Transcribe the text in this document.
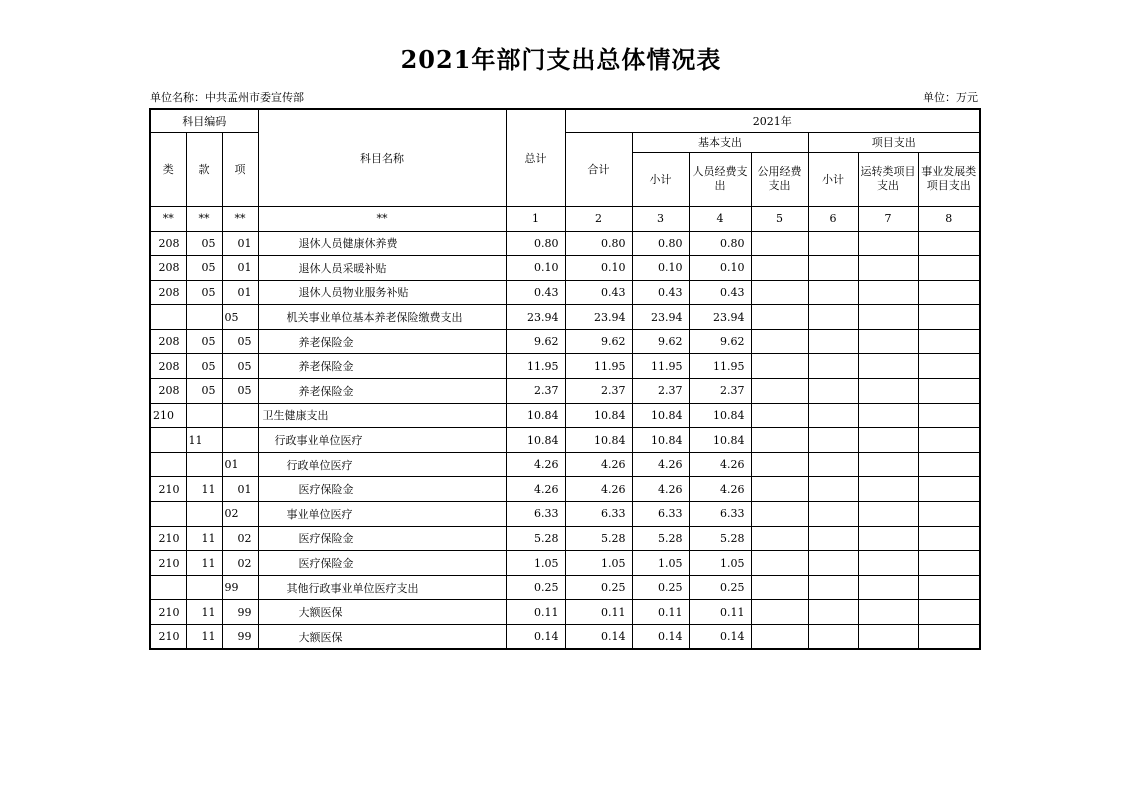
2021年部门支出总体情况表
单位名称：中共孟州市委宣传部	单位：万元
科目编码			科目名称	总计	2021年						
类	款	项			合计	基本支出			项目支出		
						小计	人员经费支出	公用经费支出	小计	运转类项目支出	事业发展类项目支出
**	**	**	**	1	2	3	4	5	6	7	8
208	05	01	退休人员健康休养费	0.80	0.80	0.80	0.80				
208	05	01	退休人员采暖补贴	0.10	0.10	0.10	0.10				
208	05	01	退休人员物业服务补贴	0.43	0.43	0.43	0.43				
		05	机关事业单位基本养老保险缴费支出	23.94	23.94	23.94	23.94				
208	05	05	养老保险金	9.62	9.62	9.62	9.62				
208	05	05	养老保险金	11.95	11.95	11.95	11.95				
208	05	05	养老保险金	2.37	2.37	2.37	2.37				
210			卫生健康支出	10.84	10.84	10.84	10.84				
	11		行政事业单位医疗	10.84	10.84	10.84	10.84				
		01	行政单位医疗	4.26	4.26	4.26	4.26				
210	11	01	医疗保险金	4.26	4.26	4.26	4.26				
		02	事业单位医疗	6.33	6.33	6.33	6.33				
210	11	02	医疗保险金	5.28	5.28	5.28	5.28				
210	11	02	医疗保险金	1.05	1.05	1.05	1.05				
		99	其他行政事业单位医疗支出	0.25	0.25	0.25	0.25				
210	11	99	大额医保	0.11	0.11	0.11	0.11				
210	11	99	大额医保	0.14	0.14	0.14	0.14				
